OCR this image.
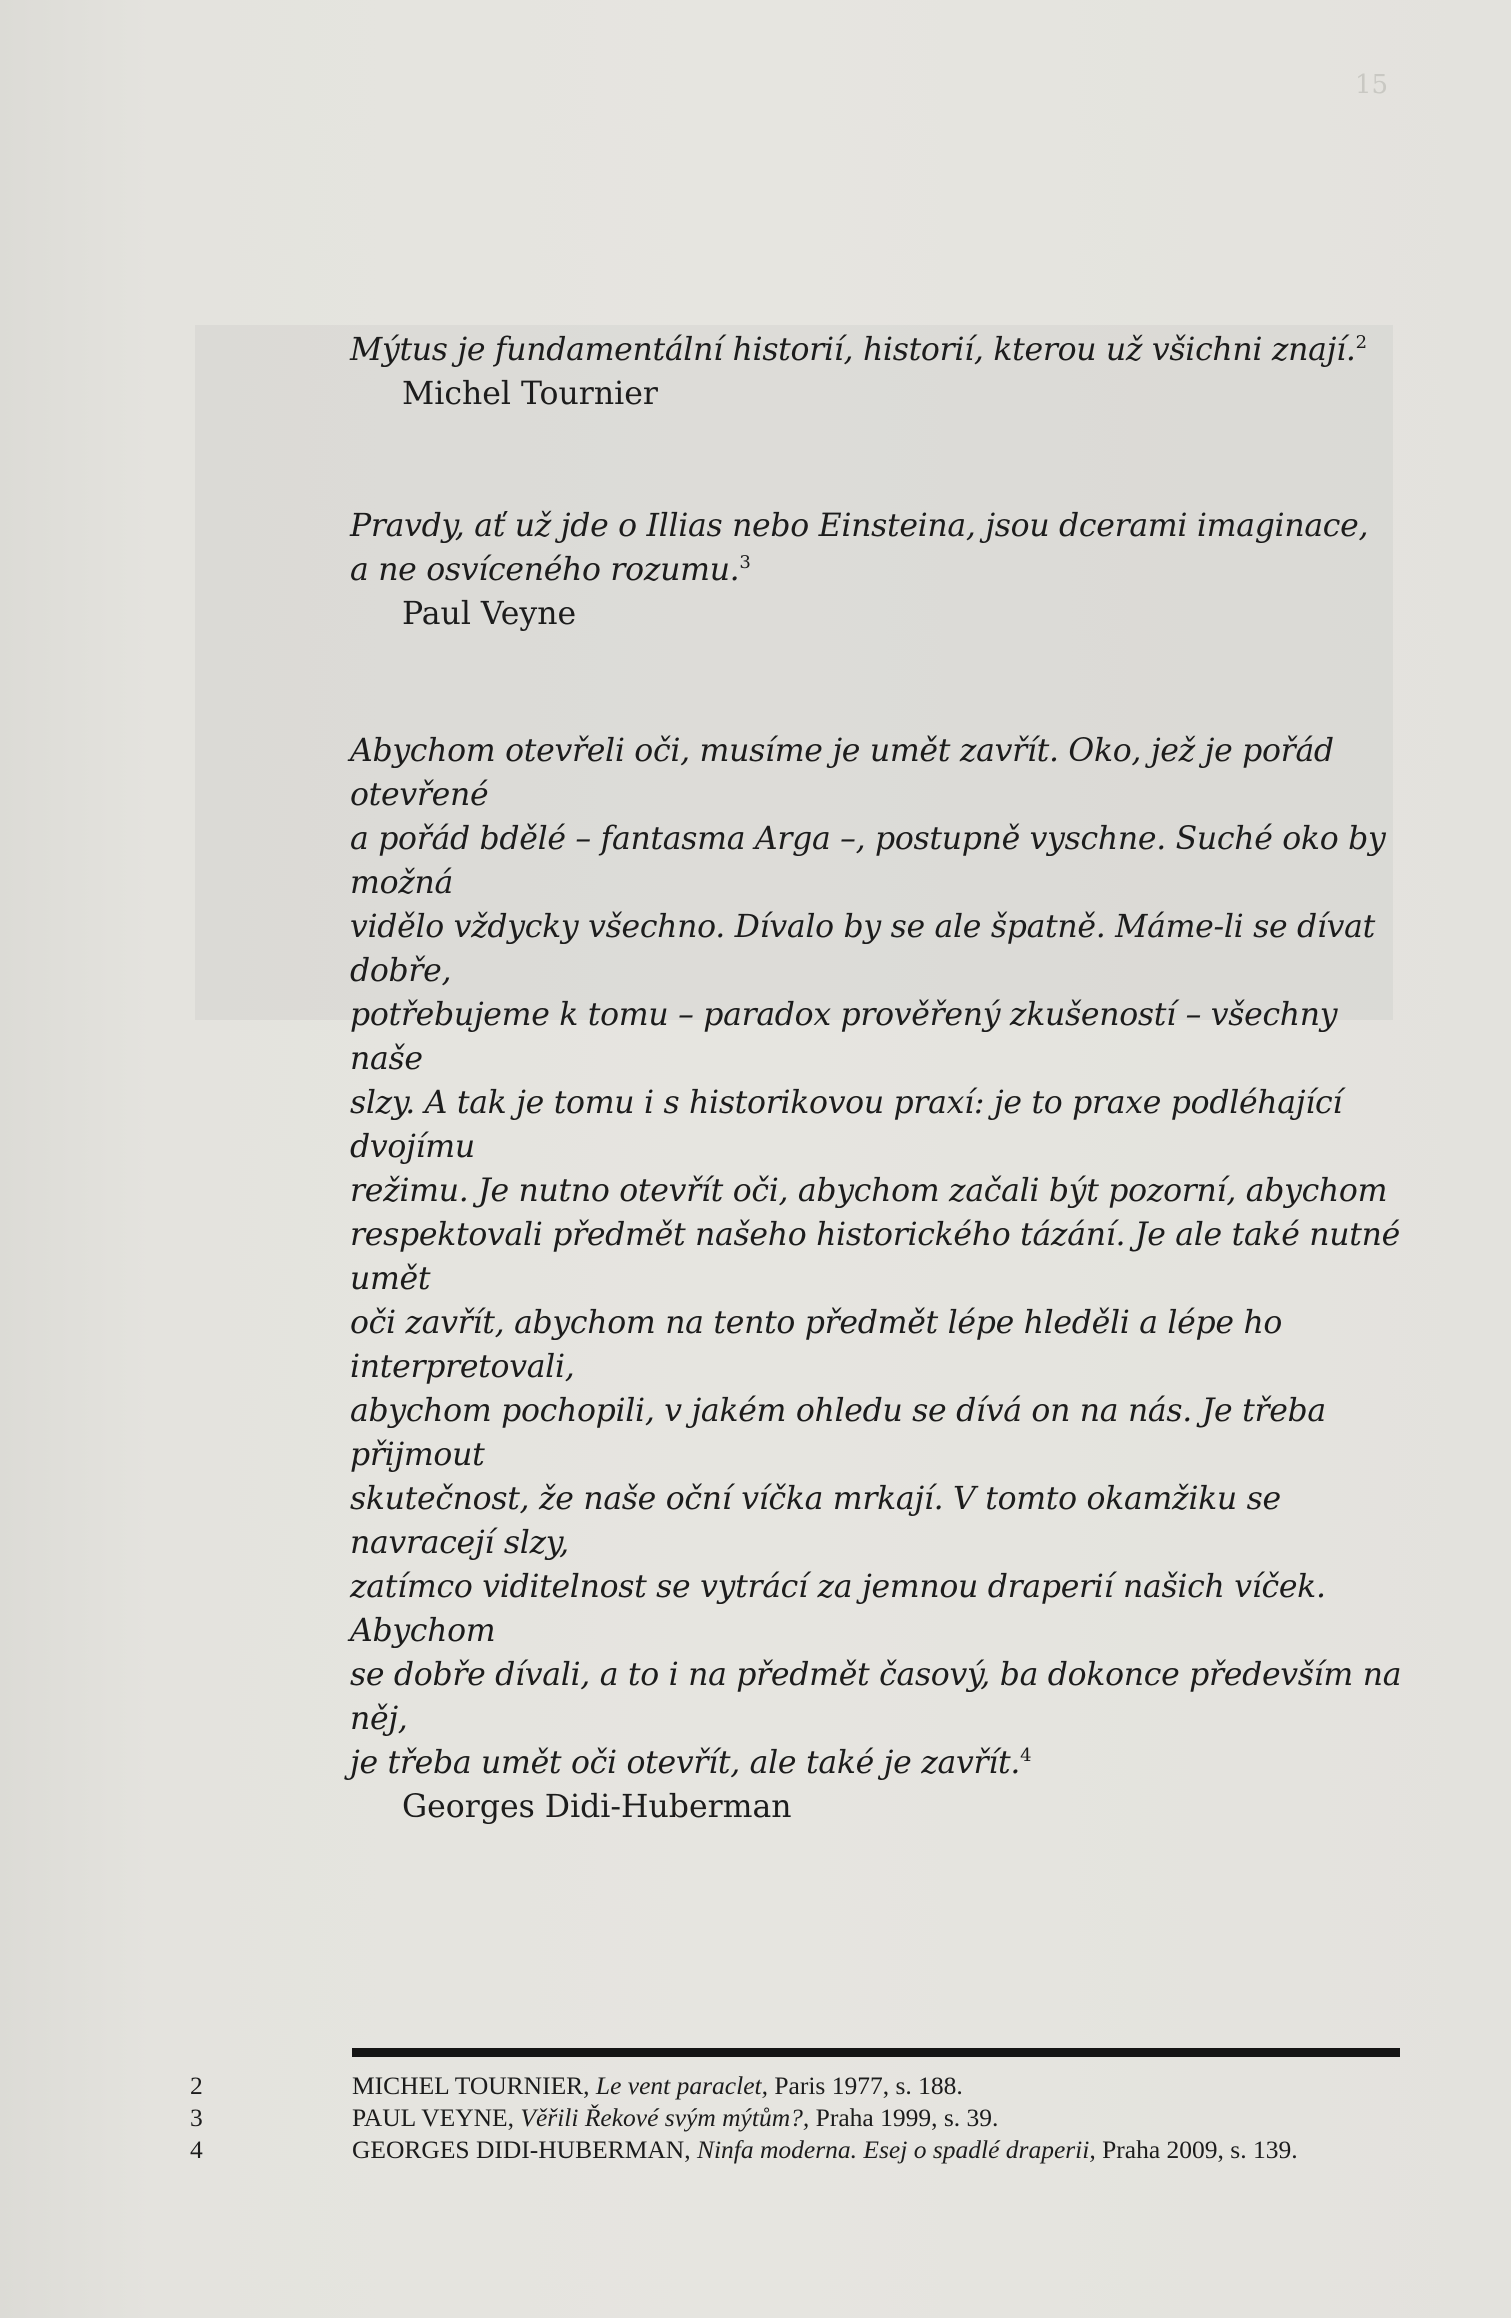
15

Mýtus je fundamentální historií, historií, kterou už všichni znají.$^2$

Michel Tournier

Pravdy, ať už jde o Illias nebo Einsteina, jsou dcerami imaginace,
a ne osvíceného rozumu.$^3$

Paul Veyne

Abychom otevřeli oči, musíme je umět zavřít. Oko, jež je pořád otevřené
a pořád bdělé – fantasma Arga –, postupně vyschne. Suché oko by možná
vidělo vždycky všechno. Dívalo by se ale špatně. Máme-li se dívat dobře,
potřebujeme k tomu – paradox prověřený zkušeností – všechny naše
slzy. A tak je tomu i s historikovou praxí: je to praxe podléhající dvojímu
režimu. Je nutno otevřít oči, abychom začali být pozorní, abychom
respektovali předmět našeho historického tázání. Je ale také nutné umět
oči zavřít, abychom na tento předmět lépe hleděli a lépe ho interpretovali,
abychom pochopili, v jakém ohledu se dívá on na nás. Je třeba přijmout
skutečnost, že naše oční víčka mrkají. V tomto okamžiku se navracejí slzy,
zatímco viditelnost se vytrácí za jemnou draperií našich víček. Abychom
se dobře dívali, a to i na předmět časový, ba dokonce především na něj,
je třeba umět oči otevřít, ale také je zavřít.$^4$

Georges Didi-Huberman

2	MICHEL TOURNIER, Le vent paraclet, Paris 1977, s. 188.
3	PAUL VEYNE, Věřili Řekové svým mýtům?, Praha 1999, s. 39.
4	GEORGES DIDI-HUBERMAN, Ninfa moderna. Esej o spadlé draperii, Praha 2009, s. 139.
